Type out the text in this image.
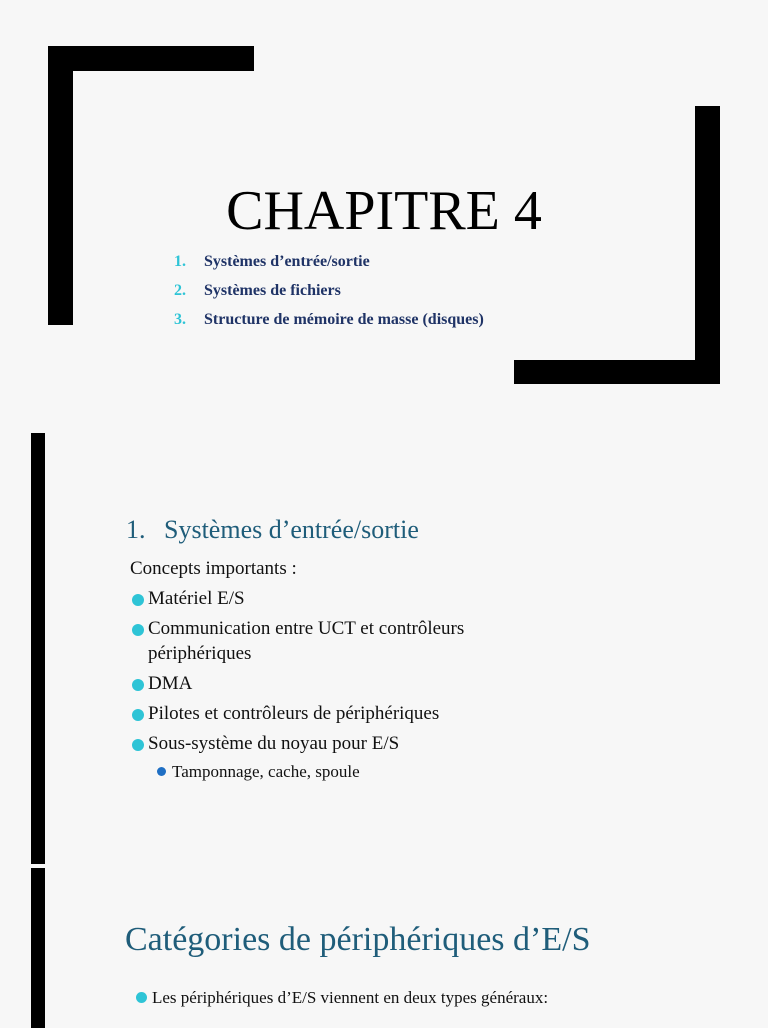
CHAPITRE 4
1. Systèmes d’entrée/sortie
2. Systèmes de fichiers
3. Structure de mémoire de masse (disques)
1. Systèmes d’entrée/sortie
Concepts importants :
Matériel E/S
Communication entre UCT et contrôleurs périphériques
DMA
Pilotes et contrôleurs de périphériques
Sous-système du noyau pour E/S
Tamponnage, cache, spoule
Catégories de périphériques d’E/S
Les périphériques d’E/S viennent en deux types généraux:
